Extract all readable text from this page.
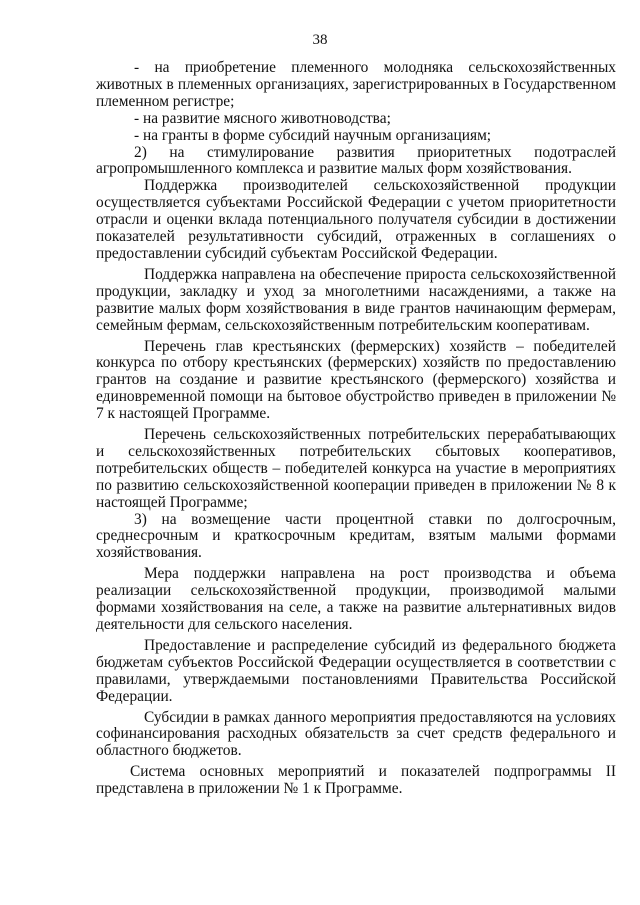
38
- на приобретение племенного молодняка сельскохозяйственных животных в племенных организациях, зарегистрированных в Государственном племенном регистре;
- на развитие мясного животноводства;
- на гранты в форме субсидий научным организациям;
2) на стимулирование развития приоритетных подотраслей агропромышленного комплекса и развитие малых форм хозяйствования.
Поддержка производителей сельскохозяйственной продукции осуществляется субъектами Российской Федерации с учетом приоритетности отрасли и оценки вклада потенциального получателя субсидии в достижении показателей результативности субсидий, отраженных в соглашениях о предоставлении субсидий субъектам Российской Федерации.
Поддержка направлена на обеспечение прироста сельскохозяйственной продукции, закладку и уход за многолетними насаждениями, а также на развитие малых форм хозяйствования в виде грантов начинающим фермерам, семейным фермам, сельскохозяйственным потребительским кооперативам.
Перечень глав крестьянских (фермерских) хозяйств – победителей конкурса по отбору крестьянских (фермерских) хозяйств по предоставлению грантов на создание и развитие крестьянского (фермерского) хозяйства и единовременной помощи на бытовое обустройство приведен в приложении № 7 к настоящей Программе.
Перечень сельскохозяйственных потребительских перерабатывающих и сельскохозяйственных потребительских сбытовых кооперативов, потребительских обществ – победителей конкурса на участие в мероприятиях по развитию сельскохозяйственной кооперации приведен в приложении № 8 к настоящей Программе;
3) на возмещение части процентной ставки по долгосрочным, среднесрочным и краткосрочным кредитам, взятым малыми формами хозяйствования.
Мера поддержки направлена на рост производства и объема реализации сельскохозяйственной продукции, производимой малыми формами хозяйствования на селе, а также на развитие альтернативных видов деятельности для сельского населения.
Предоставление и распределение субсидий из федерального бюджета бюджетам субъектов Российской Федерации осуществляется в соответствии с правилами, утверждаемыми постановлениями Правительства Российской Федерации.
Субсидии в рамках данного мероприятия предоставляются на условиях софинансирования расходных обязательств за счет средств федерального и областного бюджетов.
Система основных мероприятий и показателей подпрограммы II представлена в приложении № 1 к Программе.
